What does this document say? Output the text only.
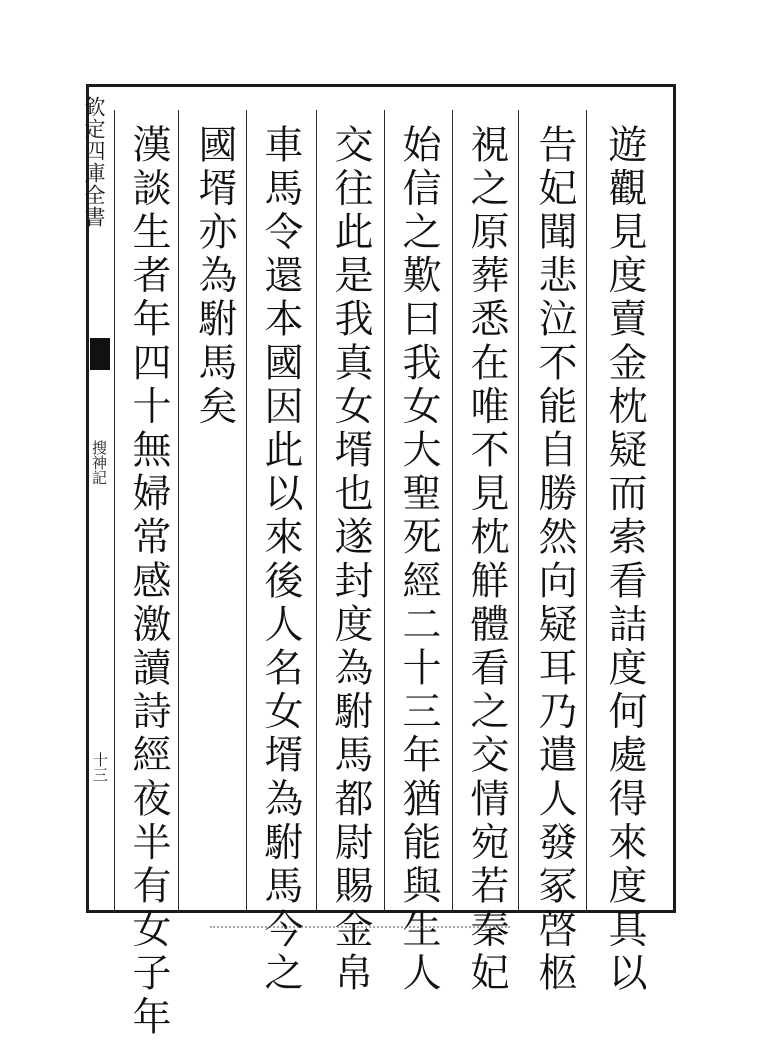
欽定四庫全書
搜神記
十三	遊觀見度賣金枕疑而索看詰度何處得來度具以
告妃聞悲泣不能自勝然向疑耳乃遣人發冢啓柩
視之原葬悉在唯不見枕觧體看之交情宛若秦妃
始信之歎曰我女大聖死經二十三年猶能與生人
交往此是我真女壻也遂封度為駙馬都尉賜金帛
車馬令還本國因此以來後人名女壻為駙馬今之
國壻亦為駙馬矣
漢談生者年四十無婦常感激讀詩經夜半有女子年
